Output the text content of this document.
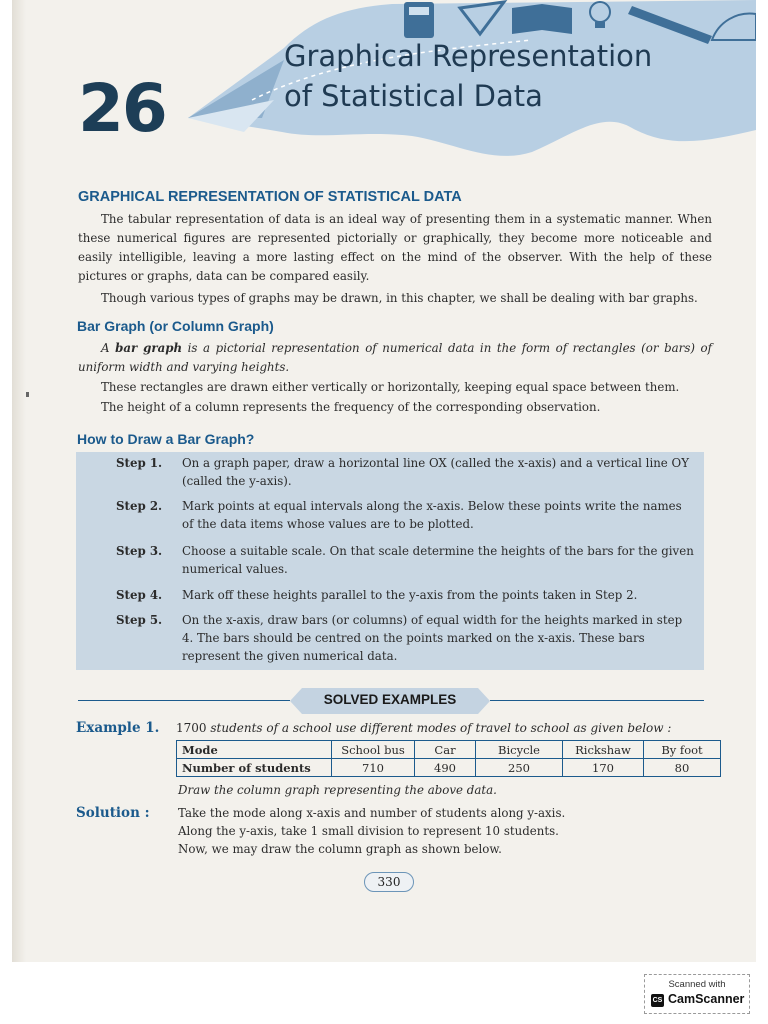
26
Graphical Representation
of Statistical Data
GRAPHICAL REPRESENTATION OF STATISTICAL DATA
The tabular representation of data is an ideal way of presenting them in a systematic manner. When these numerical figures are represented pictorially or graphically, they become more noticeable and easily intelligible, leaving a more lasting effect on the mind of the observer. With the help of these pictures or graphs, data can be compared easily.
Though various types of graphs may be drawn, in this chapter, we shall be dealing with bar graphs.
Bar Graph (or Column Graph)
A bar graph is a pictorial representation of numerical data in the form of rectangles (or bars) of uniform width and varying heights.
These rectangles are drawn either vertically or horizontally, keeping equal space between them.
The height of a column represents the frequency of the corresponding observation.
How to Draw a Bar Graph?
Step 1. On a graph paper, draw a horizontal line OX (called the x-axis) and a vertical line OY (called the y-axis).
Step 2. Mark points at equal intervals along the x-axis. Below these points write the names of the data items whose values are to be plotted.
Step 3. Choose a suitable scale. On that scale determine the heights of the bars for the given numerical values.
Step 4. Mark off these heights parallel to the y-axis from the points taken in Step 2.
Step 5. On the x-axis, draw bars (or columns) of equal width for the heights marked in step 4. The bars should be centred on the points marked on the x-axis. These bars represent the given numerical data.
SOLVED EXAMPLES
Example 1. 1700 students of a school use different modes of travel to school as given below :
Mode	School bus	Car	Bicycle	Rickshaw	By foot
Number of students	710	490	250	170	80
Draw the column graph representing the above data.
Solution : Take the mode along x-axis and number of students along y-axis.
Along the y-axis, take 1 small division to represent 10 students.
Now, we may draw the column graph as shown below.
330
Scanned with
CS CamScanner
